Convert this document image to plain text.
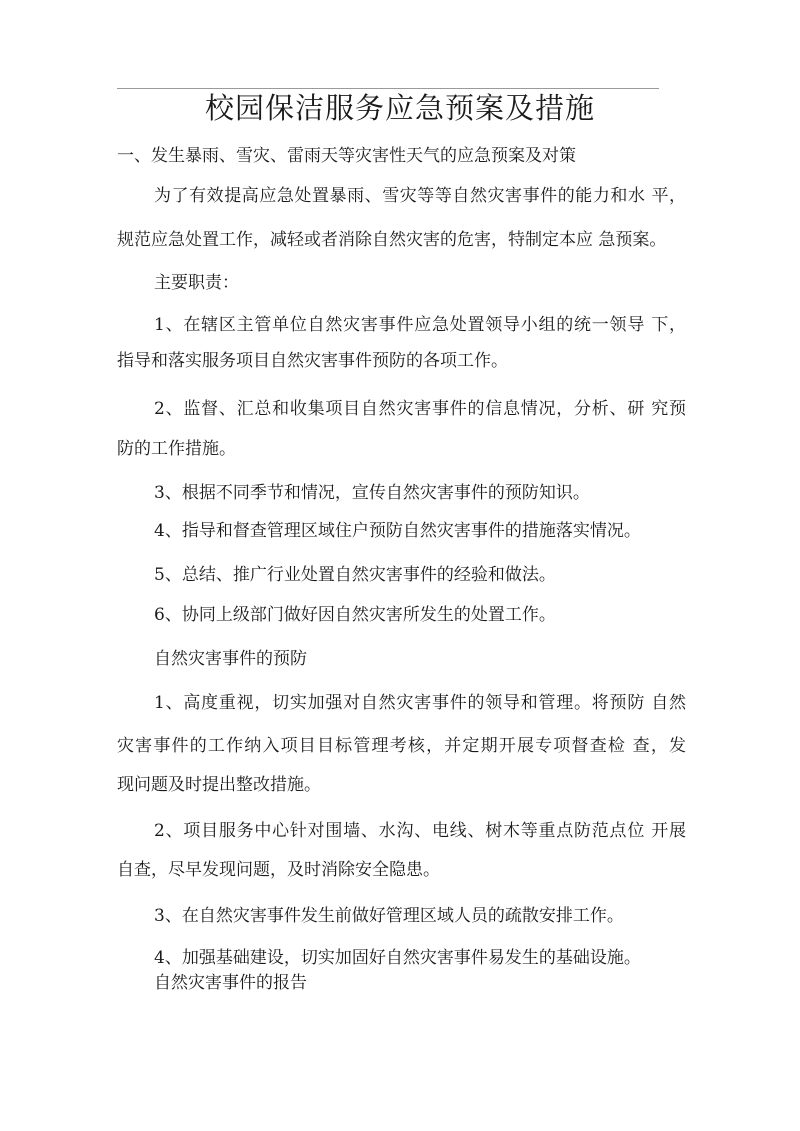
校园保洁服务应急预案及措施
一、发生暴雨、雪灾、雷雨天等灾害性天气的应急预案及对策
为了有效提高应急处置暴雨、雪灾等等自然灾害事件的能力和水 平，
规范应急处置工作，减轻或者消除自然灾害的危害，特制定本应 急预案。
主要职责：
1、在辖区主管单位自然灾害事件应急处置领导小组的统一领导 下，
指导和落实服务项目自然灾害事件预防的各项工作。
2、监督、汇总和收集项目自然灾害事件的信息情况，分析、研 究预
防的工作措施。
3、根据不同季节和情况，宣传自然灾害事件的预防知识。
4、指导和督查管理区域住户预防自然灾害事件的措施落实情况。
5、总结、推广行业处置自然灾害事件的经验和做法。
6、协同上级部门做好因自然灾害所发生的处置工作。
自然灾害事件的预防
1、高度重视，切实加强对自然灾害事件的领导和管理。将预防 自然
灾害事件的工作纳入项目目标管理考核，并定期开展专项督查检 查，发
现问题及时提出整改措施。
2、项目服务中心针对围墙、水沟、电线、树木等重点防范点位 开展
自查，尽早发现问题，及时消除安全隐患。
3、在自然灾害事件发生前做好管理区域人员的疏散安排工作。
4、加强基础建设，切实加固好自然灾害事件易发生的基础设施。
自然灾害事件的报告
